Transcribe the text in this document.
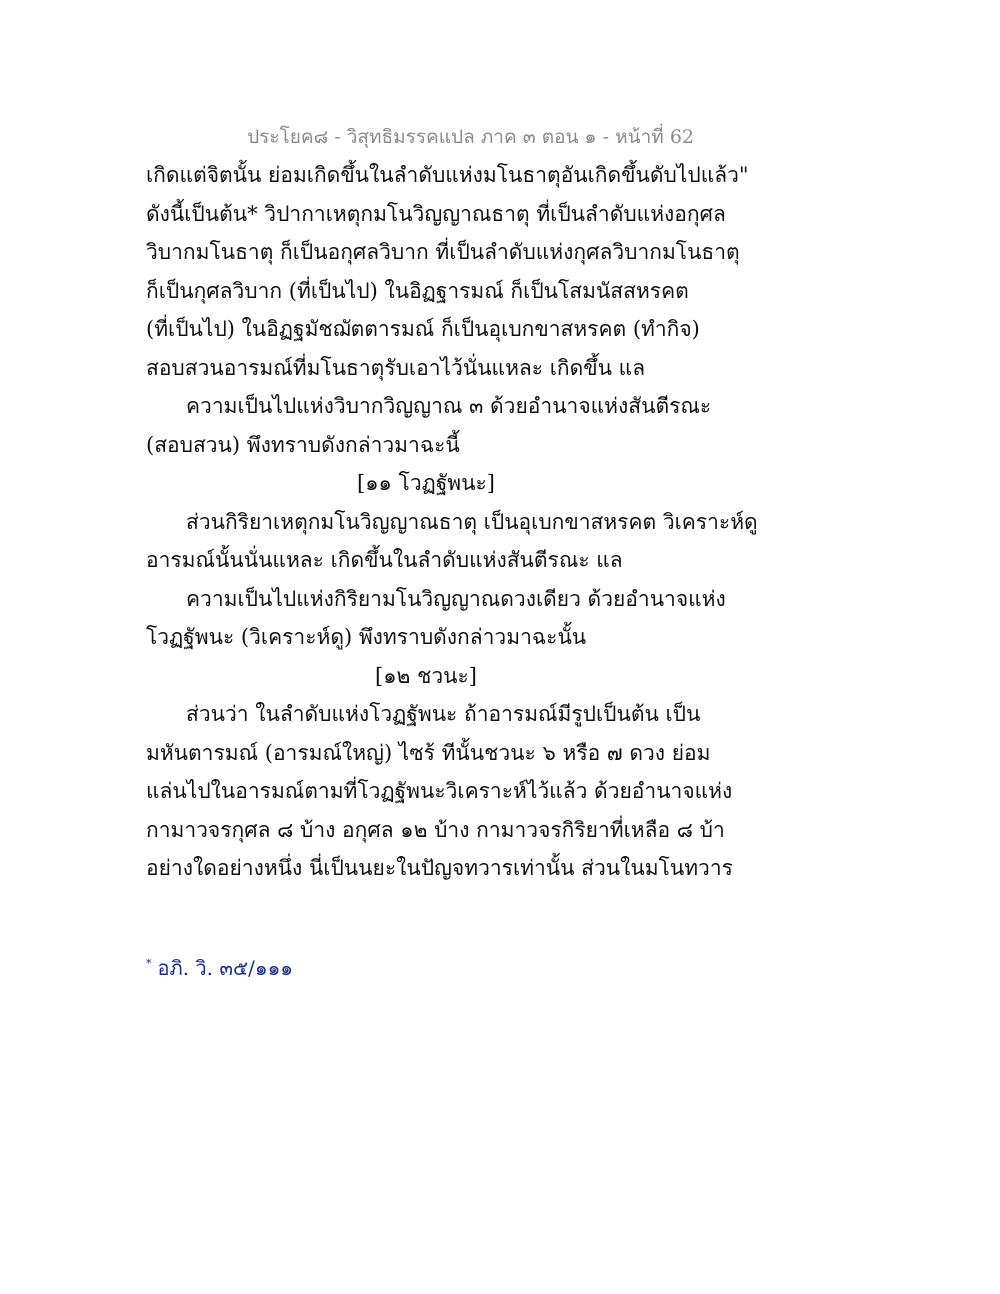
ประโยค๘ - วิสุทธิมรรคแปล ภาค ๓ ตอน ๑ - หน้าที่ 62
เกิดแต่จิตนั้น ย่อมเกิดขึ้นในลำดับแห่งมโนธาตุอันเกิดขึ้นดับไปแล้ว"
ดังนี้เป็นต้น* วิปากาเหตุกมโนวิญญาณธาตุ ที่เป็นลำดับแห่งอกุศล
วิบากมโนธาตุ ก็เป็นอกุศลวิบาก ที่เป็นลำดับแห่งกุศลวิบากมโนธาตุ
ก็เป็นกุศลวิบาก (ที่เป็นไป) ในอิฏฐารมณ์ ก็เป็นโสมนัสสหรคต
(ที่เป็นไป) ในอิฏฐมัชฌัตตารมณ์ ก็เป็นอุเบกขาสหรคต (ทำกิจ)
สอบสวนอารมณ์ที่มโนธาตุรับเอาไว้นั่นแหละ เกิดขึ้น แล
ความเป็นไปแห่งวิบากวิญญาณ ๓ ด้วยอำนาจแห่งสันตีรณะ
(สอบสวน) พึงทราบดังกล่าวมาฉะนี้
[๑๑ โวฏฐัพนะ]
ส่วนกิริยาเหตุกมโนวิญญาณธาตุ เป็นอุเบกขาสหรคต วิเคราะห์ดู
อารมณ์นั้นนั่นแหละ เกิดขึ้นในลำดับแห่งสันตีรณะ แล
ความเป็นไปแห่งกิริยามโนวิญญาณดวงเดียว ด้วยอำนาจแห่ง
โวฏฐัพนะ (วิเคราะห์ดู) พึงทราบดังกล่าวมาฉะนั้น
[๑๒ ชวนะ]
ส่วนว่า ในลำดับแห่งโวฏฐัพนะ ถ้าอารมณ์มีรูปเป็นต้น เป็น
มหันตารมณ์ (อารมณ์ใหญ่) ไซร้ ทีนั้นชวนะ ๖ หรือ ๗ ดวง ย่อม
แล่นไปในอารมณ์ตามที่โวฏฐัพนะวิเคราะห์ไว้แล้ว ด้วยอำนาจแห่ง
กามาวจรกุศล ๘ บ้าง อกุศล ๑๒ บ้าง กามาวจรกิริยาที่เหลือ ๘ บ้า
อย่างใดอย่างหนึ่ง นี่เป็นนยะในปัญจทวารเท่านั้น ส่วนในมโนทวาร
* อภิ. วิ. ๓๕/๑๑๑
